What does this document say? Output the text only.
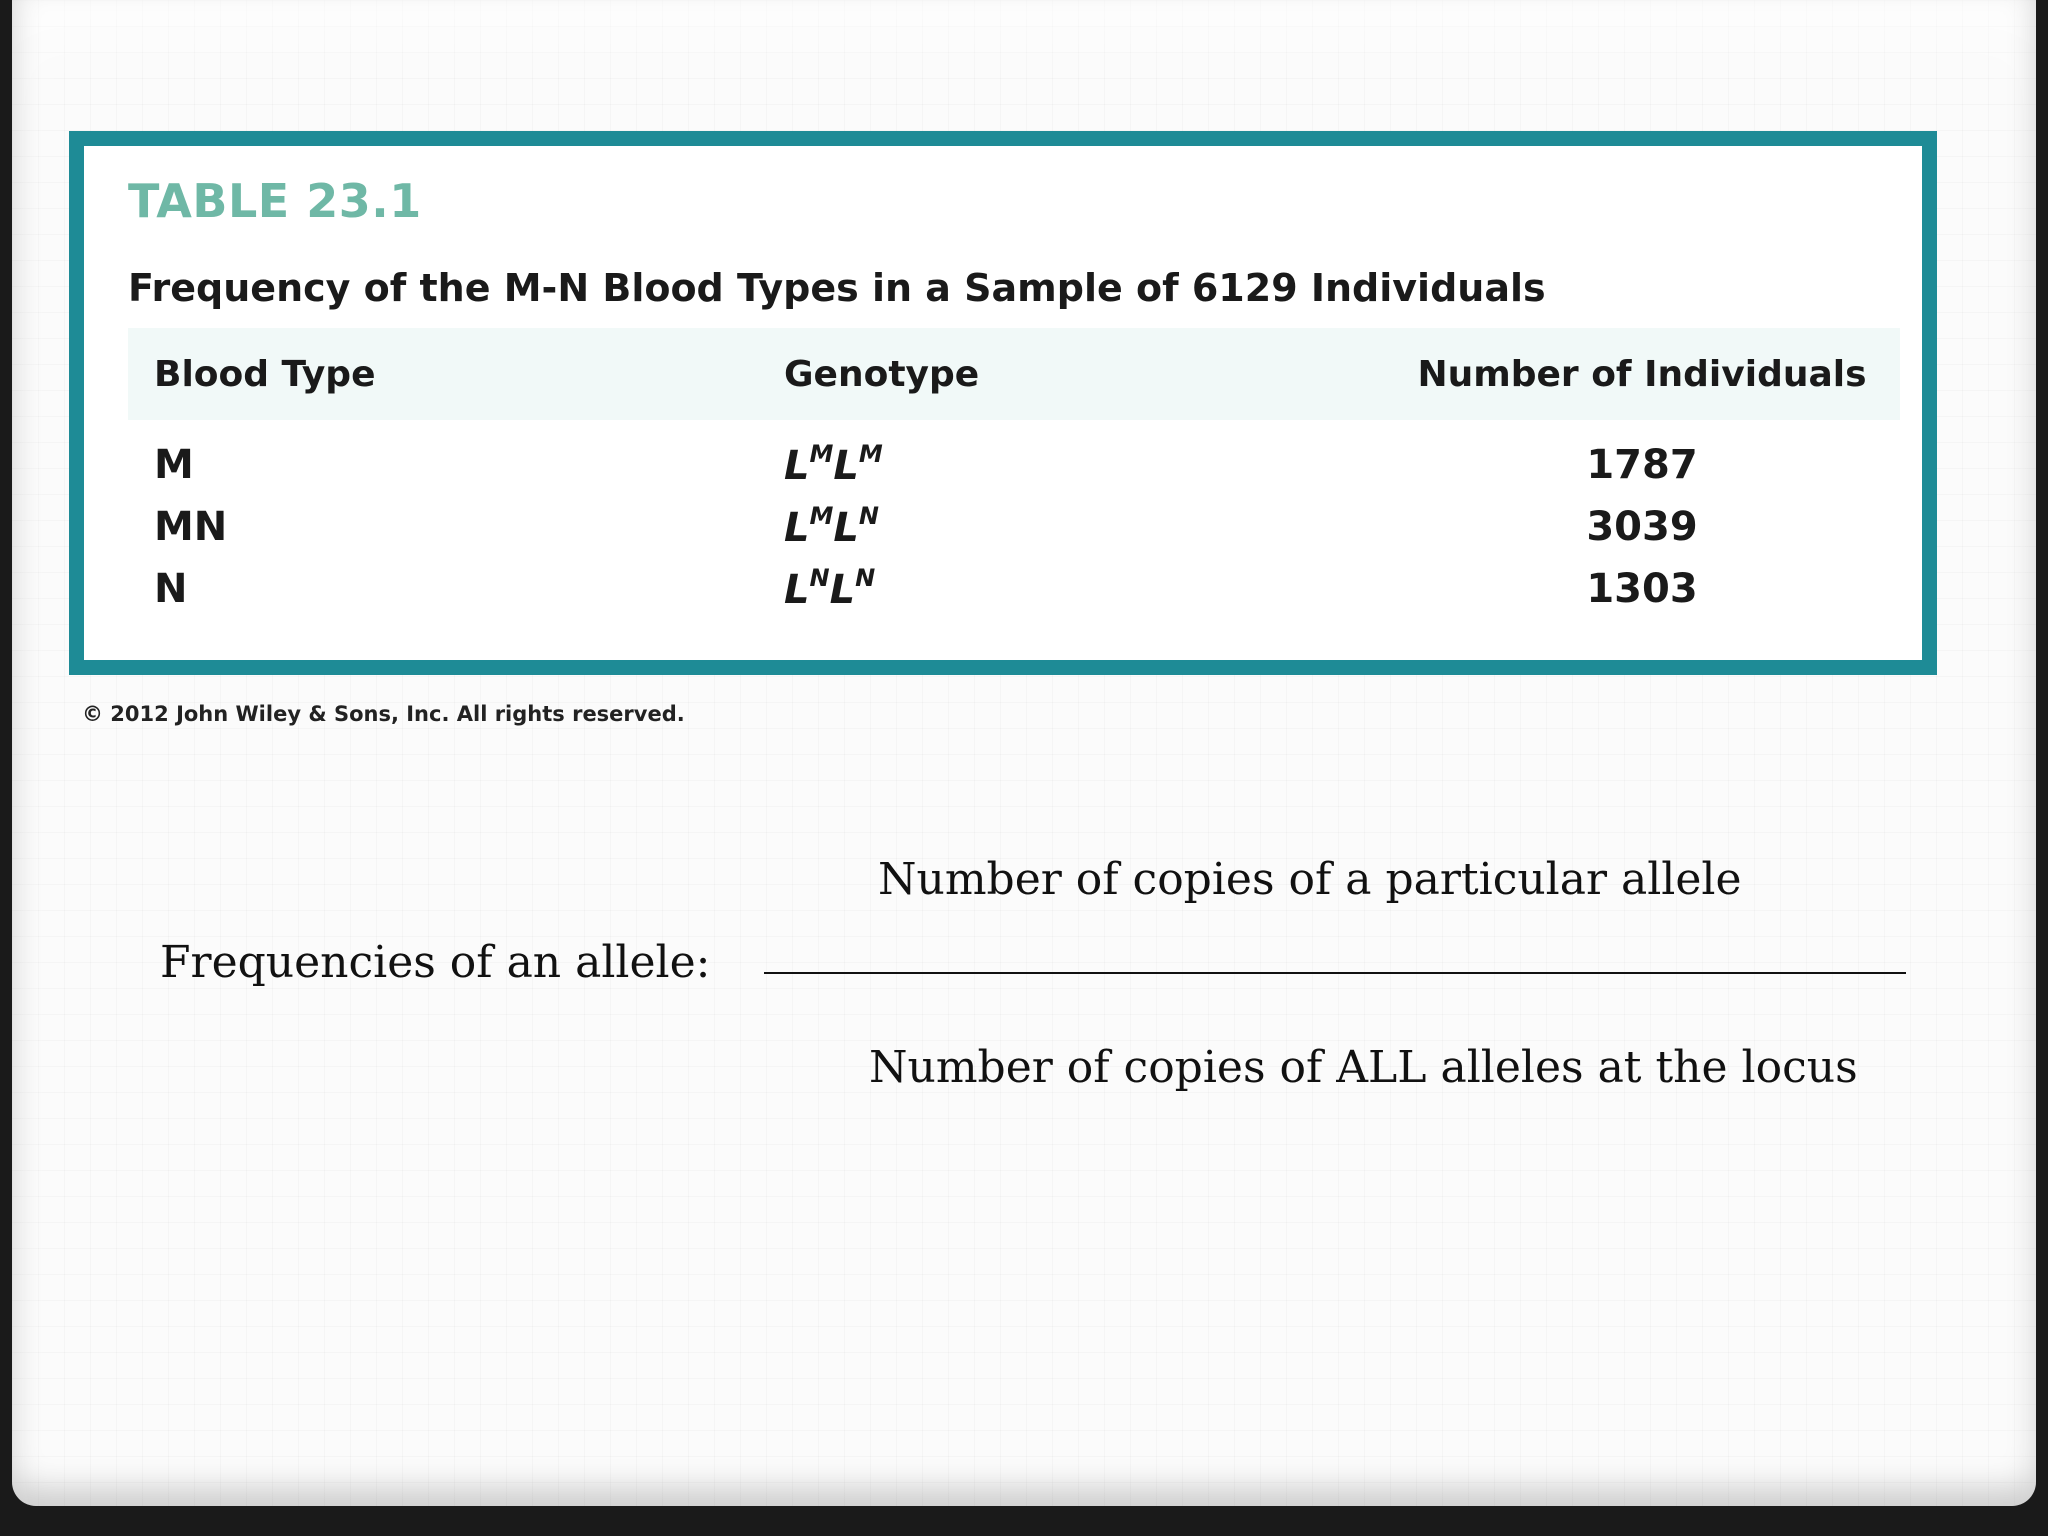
TABLE 23.1

Frequency of the M-N Blood Types in a Sample of 6129 Individuals

Blood Type	Genotype	Number of Individuals
M	$L^ML^M$	1787
MN	$L^ML^N$	3039
N	$L^NL^N$	1303

© 2012 John Wiley & Sons, Inc. All rights reserved.

Frequencies of an allele:

Number of copies of a particular allele

Number of copies of ALL alleles at the locus
